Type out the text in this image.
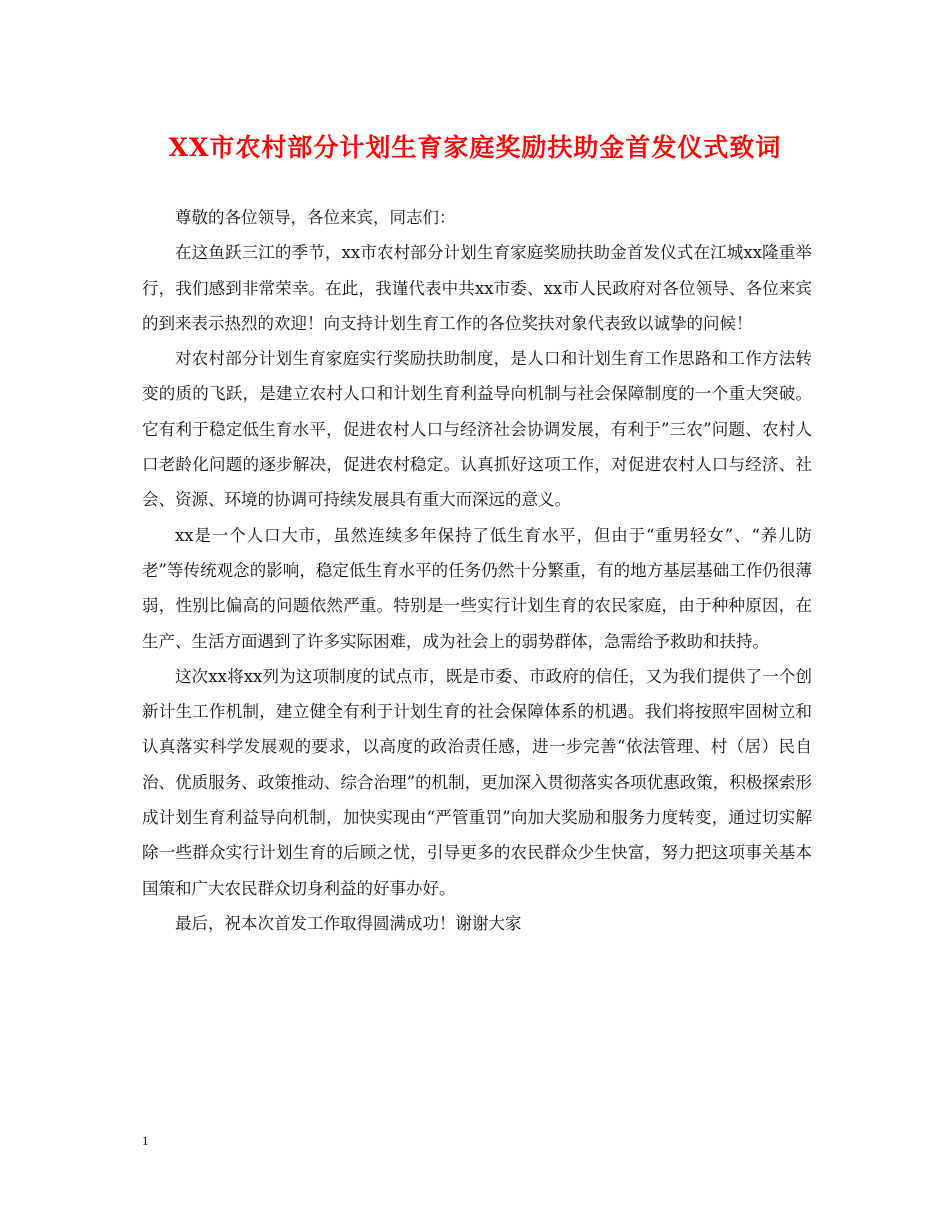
XX市农村部分计划生育家庭奖励扶助金首发仪式致词

尊敬的各位领导，各位来宾，同志们：

在这鱼跃三江的季节，xx市农村部分计划生育家庭奖励扶助金首发仪式在江城xx隆重举行，我们感到非常荣幸。在此，我谨代表中共xx市委、xx市人民政府对各位领导、各位来宾的到来表示热烈的欢迎！向支持计划生育工作的各位奖扶对象代表致以诚挚的问候！

对农村部分计划生育家庭实行奖励扶助制度，是人口和计划生育工作思路和工作方法转变的质的飞跃，是建立农村人口和计划生育利益导向机制与社会保障制度的一个重大突破。它有利于稳定低生育水平，促进农村人口与经济社会协调发展，有利于”三农”问题、农村人口老龄化问题的逐步解决，促进农村稳定。认真抓好这项工作，对促进农村人口与经济、社会、资源、环境的协调可持续发展具有重大而深远的意义。

xx是一个人口大市，虽然连续多年保持了低生育水平，但由于“重男轻女”、“养儿防老”等传统观念的影响，稳定低生育水平的任务仍然十分繁重，有的地方基层基础工作仍很薄弱，性别比偏高的问题依然严重。特别是一些实行计划生育的农民家庭，由于种种原因，在生产、生活方面遇到了许多实际困难，成为社会上的弱势群体，急需给予救助和扶持。

这次xx将xx列为这项制度的试点市，既是市委、市政府的信任，又为我们提供了一个创新计生工作机制，建立健全有利于计划生育的社会保障体系的机遇。我们将按照牢固树立和认真落实科学发展观的要求，以高度的政治责任感，进一步完善“依法管理、村（居）民自治、优质服务、政策推动、综合治理”的机制，更加深入贯彻落实各项优惠政策，积极探索形成计划生育利益导向机制，加快实现由“严管重罚”向加大奖励和服务力度转变，通过切实解除一些群众实行计划生育的后顾之忧，引导更多的农民群众少生快富，努力把这项事关基本国策和广大农民群众切身利益的好事办好。

最后，祝本次首发工作取得圆满成功！谢谢大家

1
